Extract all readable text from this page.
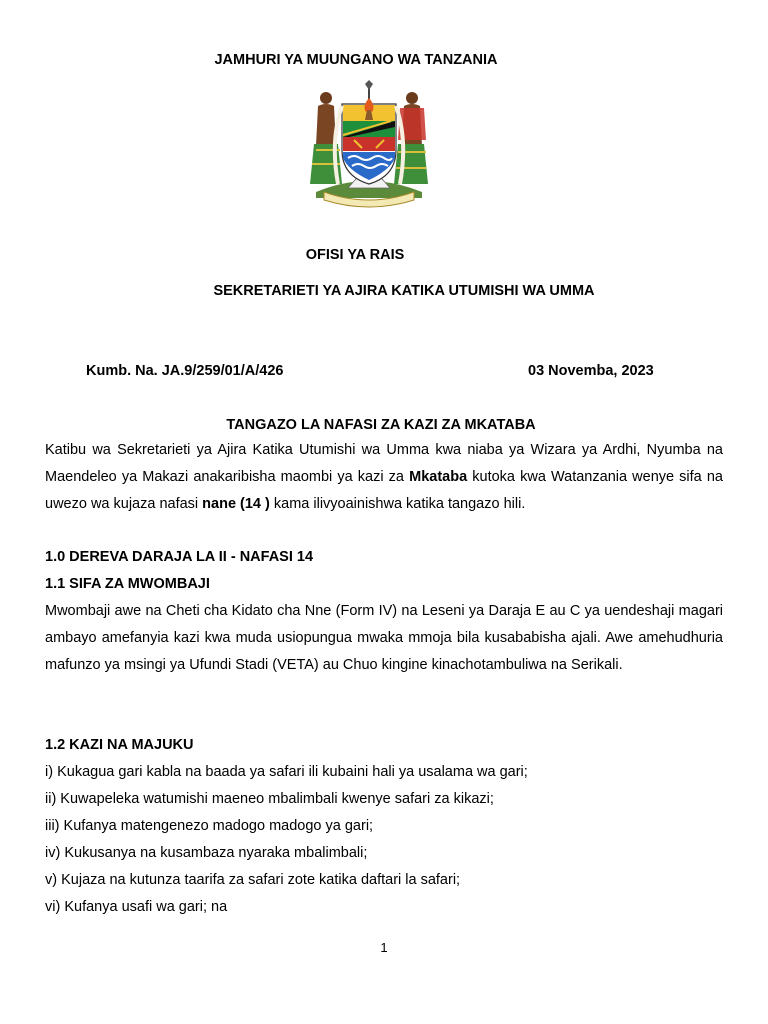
JAMHURI YA MUUNGANO WA TANZANIA
OFISI YA RAIS
SEKRETARIETI YA AJIRA KATIKA UTUMISHI WA UMMA
Kumb. Na. JA.9/259/01/A/426	03 Novemba, 2023
TANGAZO LA NAFASI ZA KAZI ZA MKATABA
Katibu wa Sekretarieti ya Ajira Katika Utumishi wa Umma kwa niaba ya Wizara ya Ardhi, Nyumba na Maendeleo ya Makazi anakaribisha maombi ya kazi za Mkataba kutoka kwa Watanzania wenye sifa na uwezo wa kujaza nafasi nane (14 ) kama ilivyoainishwa katika tangazo hili.
1.0 DEREVA DARAJA LA II - NAFASI 14
1.1 SIFA ZA MWOMBAJI
Mwombaji awe na Cheti cha Kidato cha Nne (Form IV) na Leseni ya Daraja E au C ya uendeshaji magari ambayo amefanyia kazi kwa muda usiopungua mwaka mmoja bila kusababisha ajali. Awe amehudhuria mafunzo ya msingi ya Ufundi Stadi (VETA) au Chuo kingine kinachotambuliwa na Serikali.
1.2 KAZI NA MAJUKU
i) Kukagua gari kabla na baada ya safari ili kubaini hali ya usalama wa gari;
ii) Kuwapeleka watumishi maeneo mbalimbali kwenye safari za kikazi;
iii) Kufanya matengenezo madogo madogo ya gari;
iv) Kukusanya na kusambaza nyaraka mbalimbali;
v) Kujaza na kutunza taarifa za safari zote katika daftari la safari;
vi) Kufanya usafi wa gari; na
1
